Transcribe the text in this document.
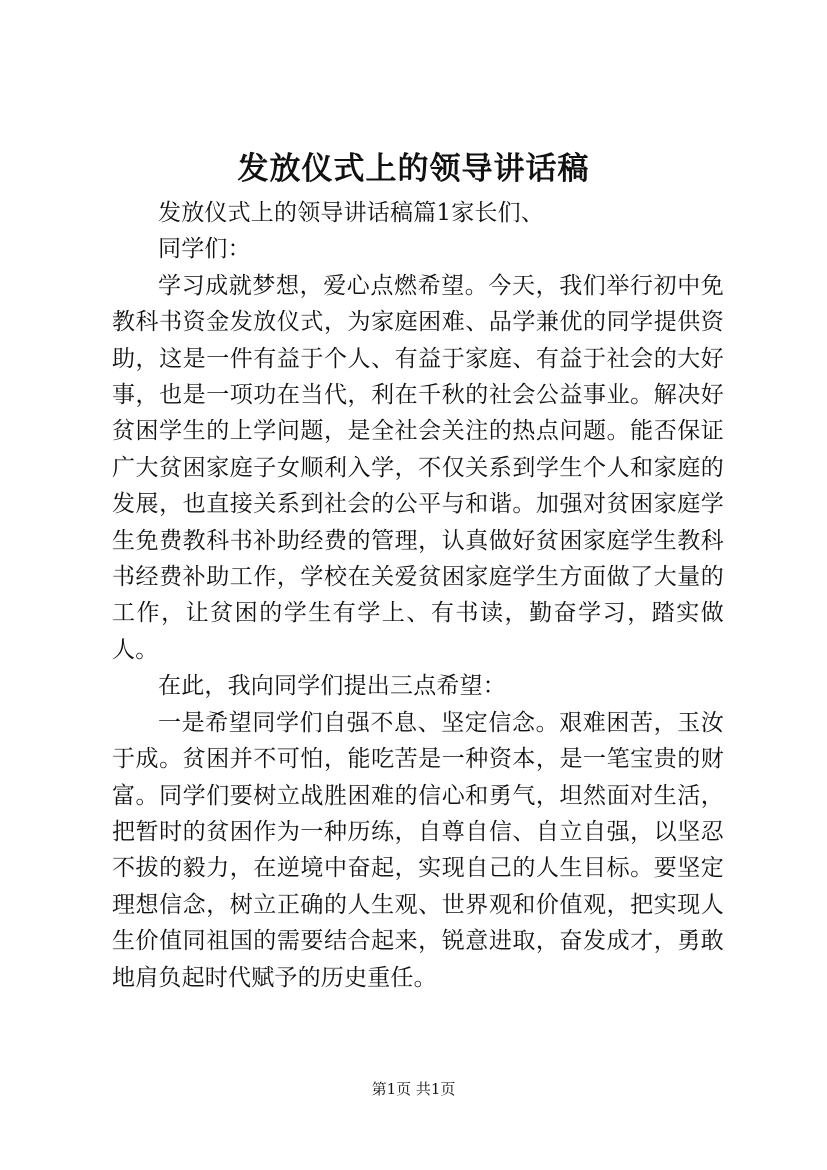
发放仪式上的领导讲话稿

发放仪式上的领导讲话稿篇1家长们、

同学们：

学习成就梦想，爱心点燃希望。今天，我们举行初中免教科书资金发放仪式，为家庭困难、品学兼优的同学提供资助，这是一件有益于个人、有益于家庭、有益于社会的大好事，也是一项功在当代，利在千秋的社会公益事业。解决好贫困学生的上学问题，是全社会关注的热点问题。能否保证广大贫困家庭子女顺利入学，不仅关系到学生个人和家庭的发展，也直接关系到社会的公平与和谐。加强对贫困家庭学生免费教科书补助经费的管理，认真做好贫困家庭学生教科书经费补助工作，学校在关爱贫困家庭学生方面做了大量的工作，让贫困的学生有学上、有书读，勤奋学习，踏实做人。

在此，我向同学们提出三点希望：

一是希望同学们自强不息、坚定信念。艰难困苦，玉汝于成。贫困并不可怕，能吃苦是一种资本，是一笔宝贵的财富。同学们要树立战胜困难的信心和勇气，坦然面对生活，把暂时的贫困作为一种历练，自尊自信、自立自强，以坚忍不拔的毅力，在逆境中奋起，实现自己的人生目标。要坚定理想信念，树立正确的人生观、世界观和价值观，把实现人生价值同祖国的需要结合起来，锐意进取，奋发成才，勇敢地肩负起时代赋予的历史重任。

第1页 共1页
